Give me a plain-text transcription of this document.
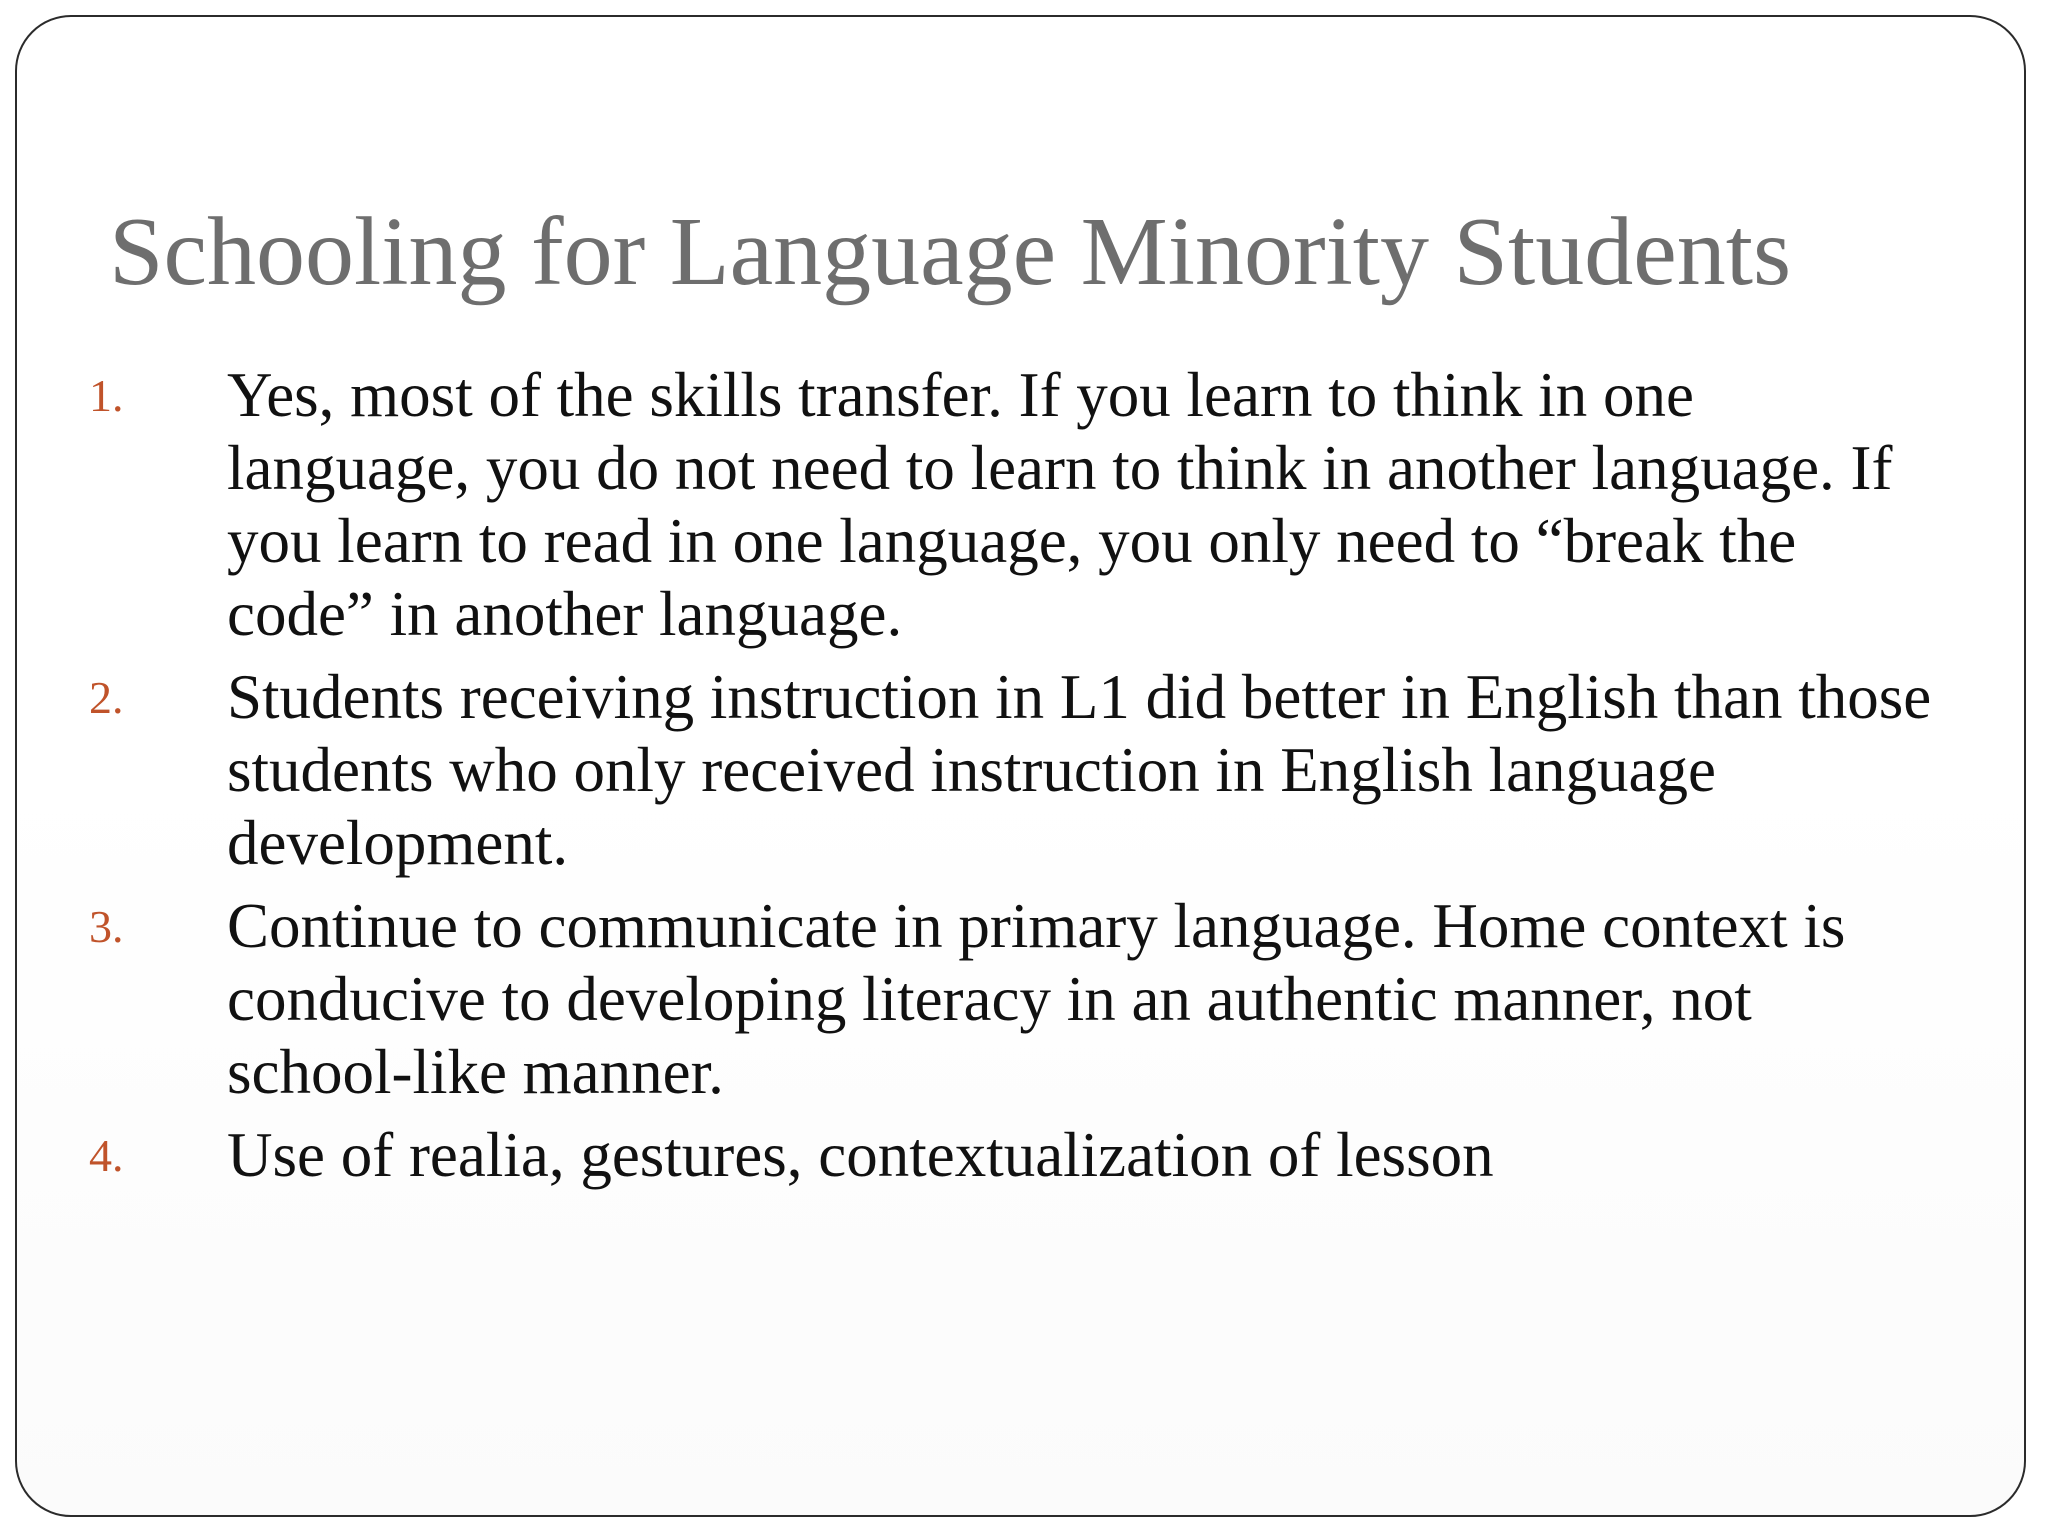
Schooling for Language Minority Students
1. Yes, most of the skills transfer. If you learn to think in one language, you do not need to learn to think in another language. If you learn to read in one language, you only need to “break the code” in another language.
2. Students receiving instruction in L1 did better in English than those students who only received instruction in English language development.
3. Continue to communicate in primary language. Home context is conducive to developing literacy in an authentic manner, not school-like manner.
4. Use of realia, gestures, contextualization of lesson
